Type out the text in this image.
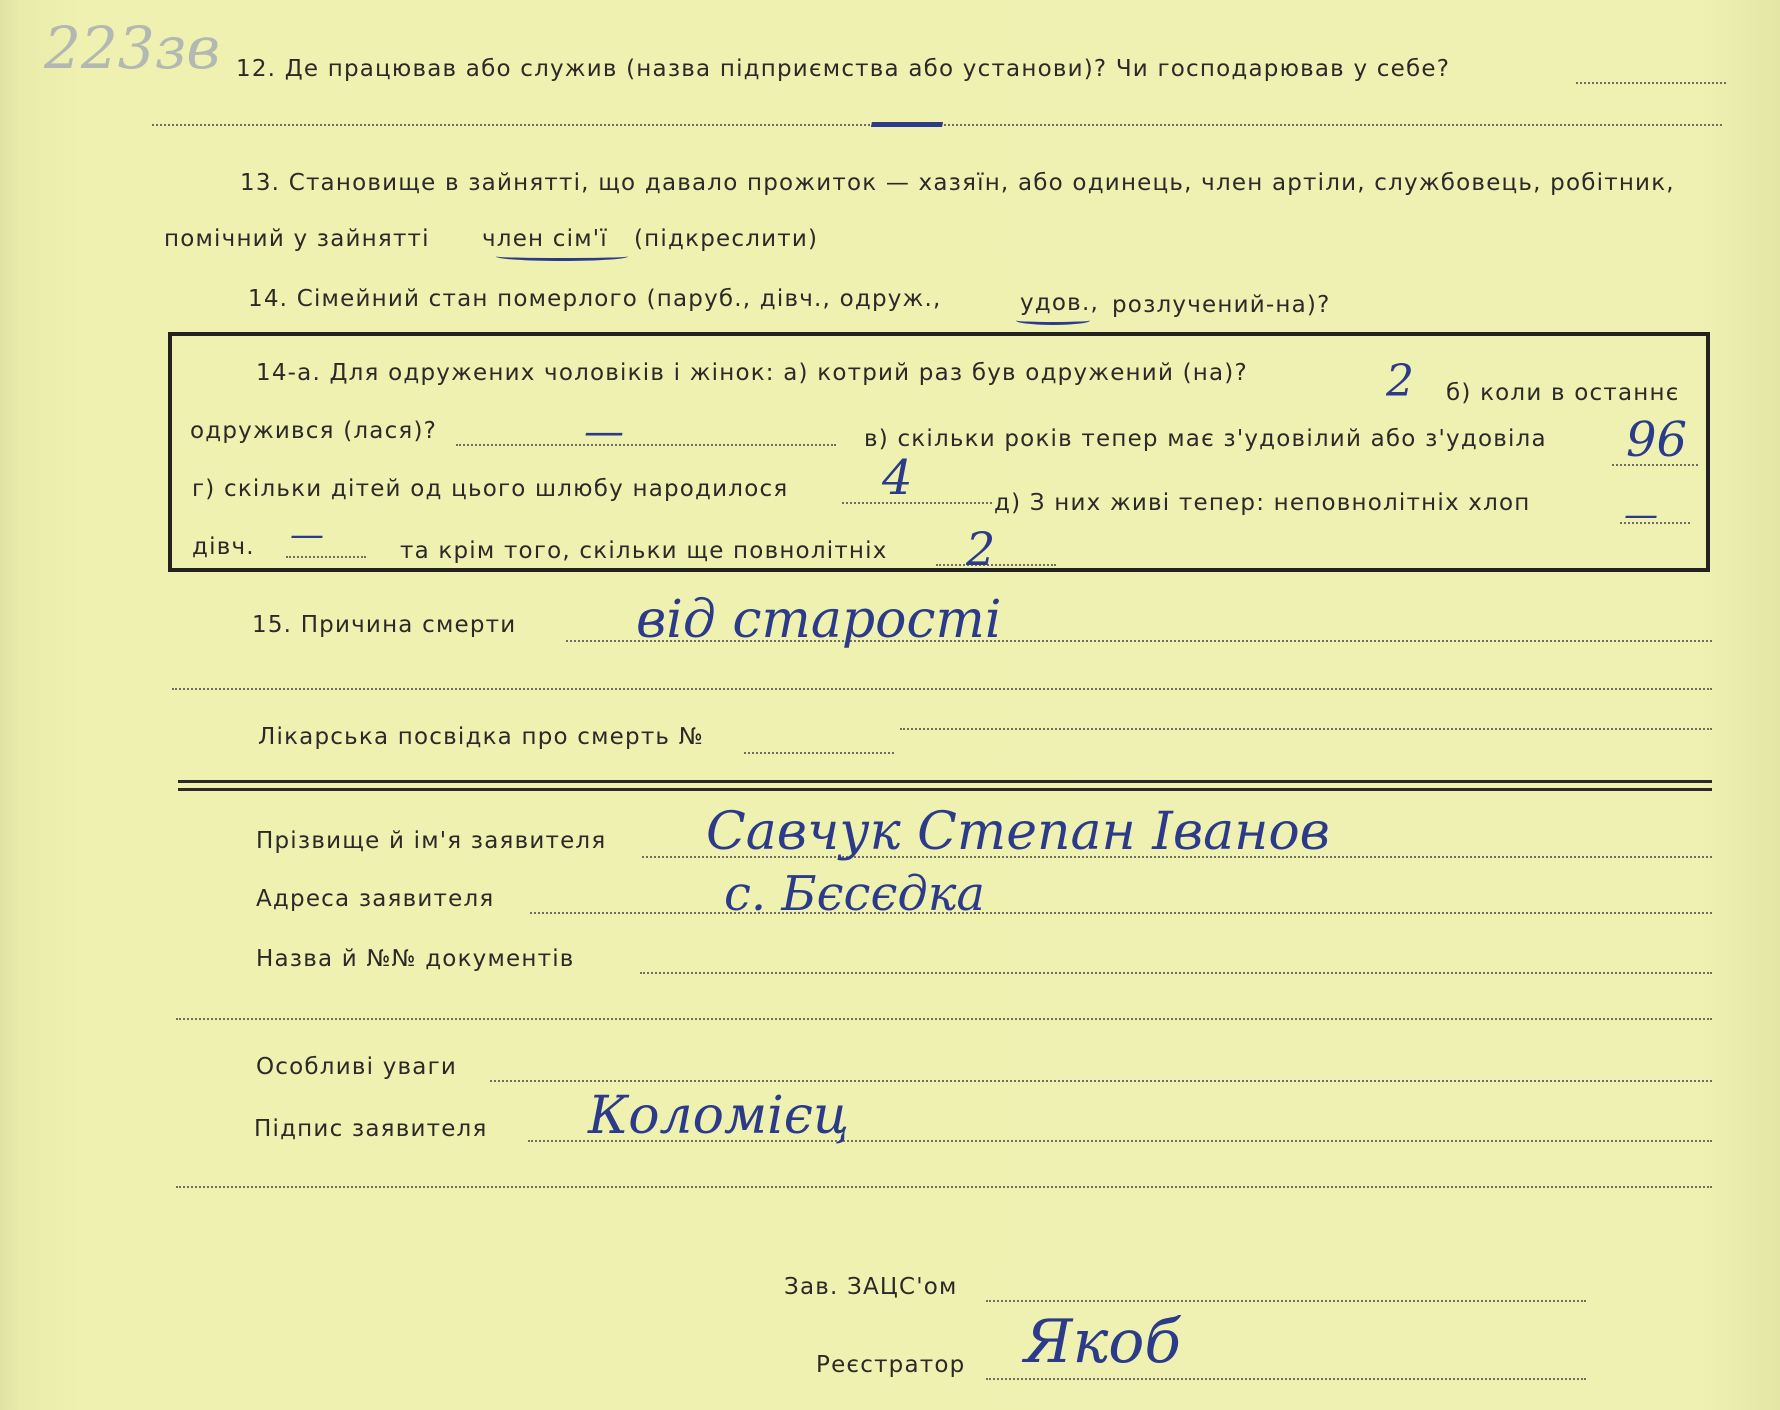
223зв 12. Де працював або служив (назва підприємства або установи)? Чи господарював у себе?
—
13. Становище в зайнятті, що давало прожиток — хазяїн, або одинець, член артіли, службовець, робітник,
помічний у зайнятті член сім'ї (підкреслити)
14. Сімейний стан померлого (паруб., дівч., одруж.,	удов., розлучений-на)?
14-а. Для одружених чоловіків і жінок: а) котрий раз був одружений (на)?	2 б) коли в останнє
одружився (лася)?	—	в) скільки років тепер має з'удовілий або з'удовіла 96
г) скільки дітей од цього шлюбу народилося 4	д) З них живі тепер: неповнолітніх хлоп	—
дівч. —	та крім того, скільки ще повнолітніх 2
15. Причина смерти від старості
Лікарська посвідка про смерть №
Прізвище й ім'я заявителя Савчук Степан Іванов
Адреса заявителя	с. Бєсєдка
Назва й №№ документів
Особливі уваги
Підпис заявителя Коломієц
Зав. ЗАЦС'ом
Реєстратор Якоб
